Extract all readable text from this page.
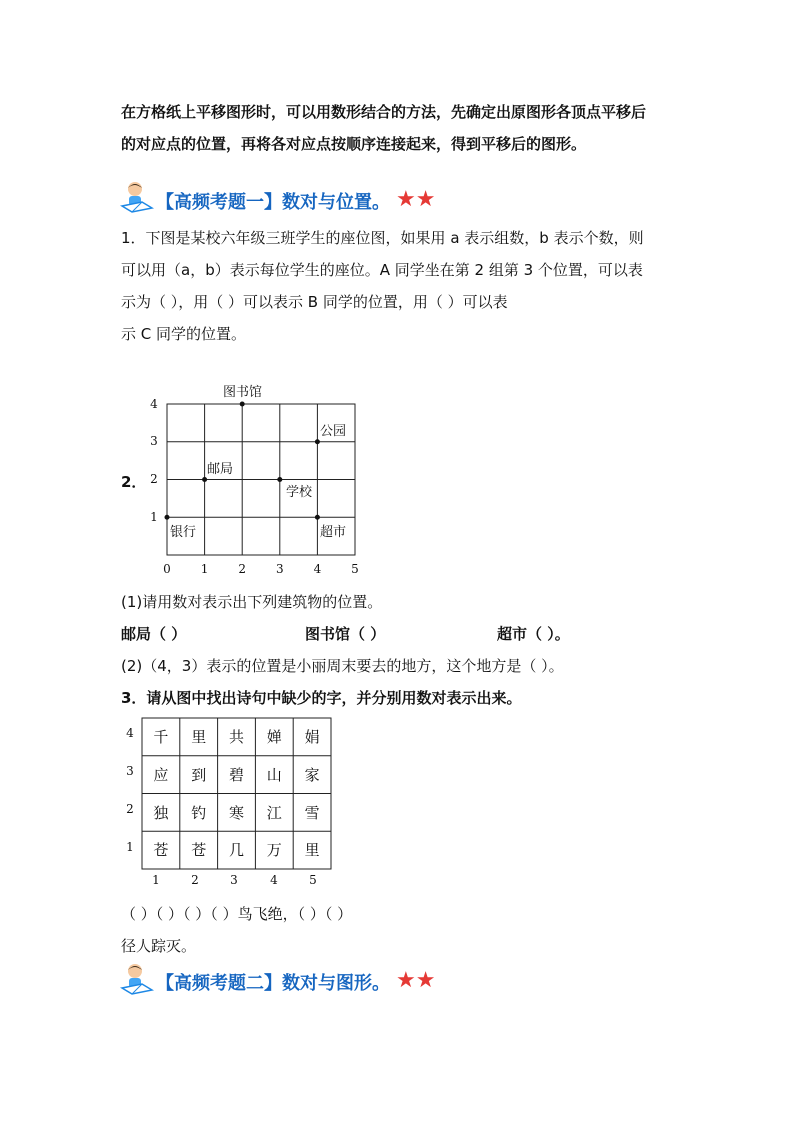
在方格纸上平移图形时，可以用数形结合的方法，先确定出原图形各顶点平移后
的对应点的位置，再将各对应点按顺序连接起来，得到平移后的图形。
【高频考题一】数对与位置。 ★★
1．下图是某校六年级三班学生的座位图，如果用 a 表示组数，b 表示个数，则
可以用（a，b）表示每位学生的座位。A 同学坐在第 2 组第 3 个位置，可以表
示为（ ），用（ ）可以表示 B 同学的位置，用（ ）可以表
示 C 同学的位置。
2．
0 1 2 3 4 5
1
2
3
4
图书馆
公园
邮局
学校
银行	超市
(1)请用数对表示出下列建筑物的位置。
邮局（ ）	图书馆（ ）	超市（ ）。
(2)（4，3）表示的位置是小丽周末要去的地方，这个地方是（ ）。
3．请从图中找出诗句中缺少的字，并分别用数对表示出来。
4
3
2
1
千 里 共 婵 娟
应 到 碧 山 家
独 钓 寒 江 雪
苍 苍 几 万 里
1	2	3	4	5
（ ）（ ）（ ）（ ）鸟飞绝，（ ）（ ）
径人踪灭。
【高频考题二】数对与图形。 ★★
